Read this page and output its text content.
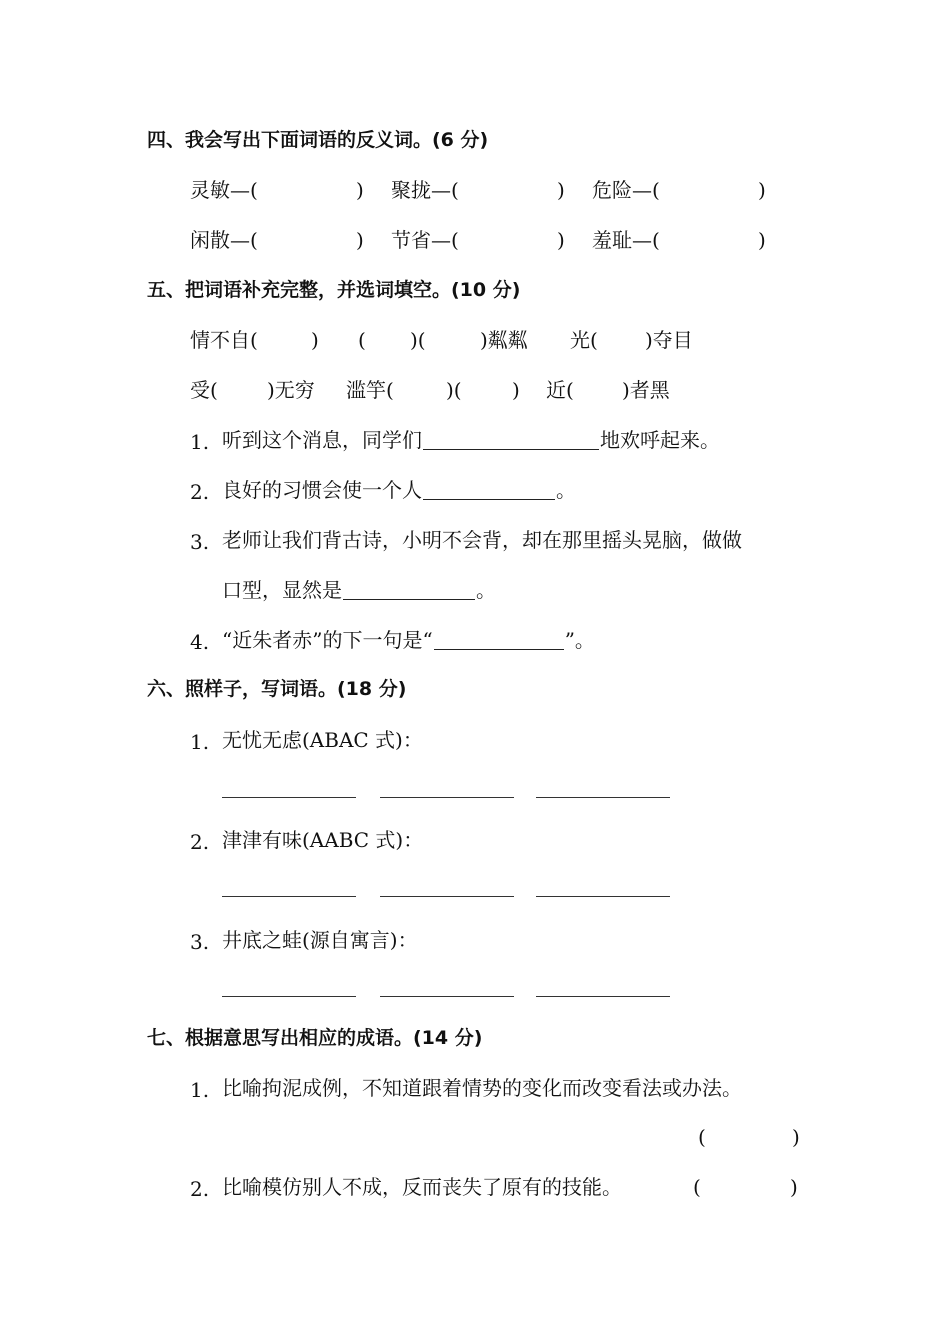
四、我会写出下面词语的反义词。(6 分)
灵敏—(	) 聚拢—(	) 危险—(	)
闲散—(	) 节省—(	) 羞耻—(	)
五、把词语补充完整，并选词填空。(10 分)
情不自(	) ( )(	)粼粼 光( )夺目
受( )无穷 滥竽(	)(	) 近( )者黑
1. 听到这个消息，同学们	地欢呼起来。
2. 良好的习惯会使一个人	。
3. 老师让我们背古诗，小明不会背，却在那里摇头晃脑，做做
口型，显然是	。
4. “近朱者赤”的下一句是“	”。
六、照样子，写词语。(18 分)
1. 无忧无虑(ABAC 式)：
2. 津津有味(AABC 式)：
3. 井底之蛙(源自寓言)：
七、根据意思写出相应的成语。(14 分)
1. 比喻拘泥成例，不知道跟着情势的变化而改变看法或办法。
(	)
2. 比喻模仿别人不成，反而丧失了原有的技能。	(	)
